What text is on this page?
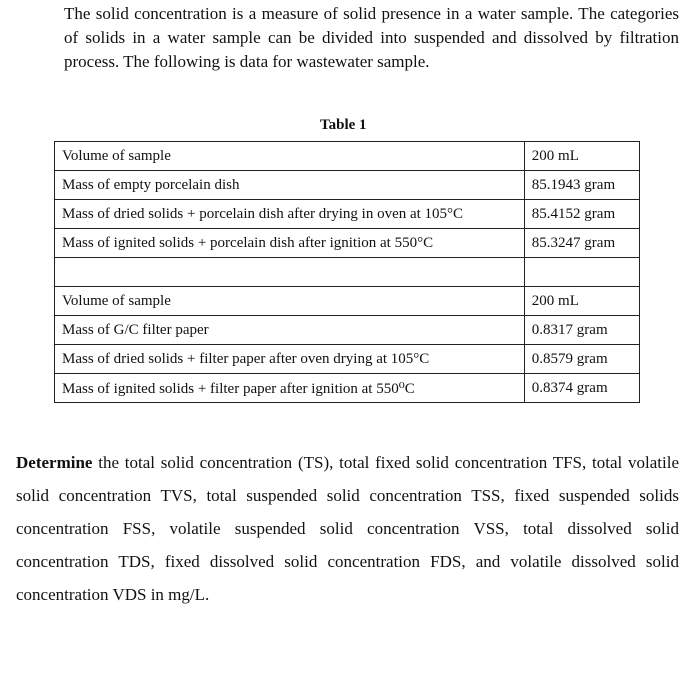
The solid concentration is a measure of solid presence in a water sample. The categories of solids in a water sample can be divided into suspended and dissolved by filtration process. The following is data for wastewater sample.

Table 1
Volume of sample	200 mL
Mass of empty porcelain dish	85.1943 gram
Mass of dried solids + porcelain dish after drying in oven at 105°C	85.4152 gram
Mass of ignited solids + porcelain dish after ignition at 550°C	85.3247 gram

Volume of sample	200 mL
Mass of G/C filter paper	0.8317 gram
Mass of dried solids + filter paper after oven drying at 105°C	0.8579 gram
Mass of ignited solids + filter paper after ignition at 550⁰C	0.8374 gram

Determine the total solid concentration (TS), total fixed solid concentration TFS, total volatile solid concentration TVS, total suspended solid concentration TSS, fixed suspended solids concentration FSS, volatile suspended solid concentration VSS, total dissolved solid concentration TDS, fixed dissolved solid concentration FDS, and volatile dissolved solid concentration VDS in mg/L.
